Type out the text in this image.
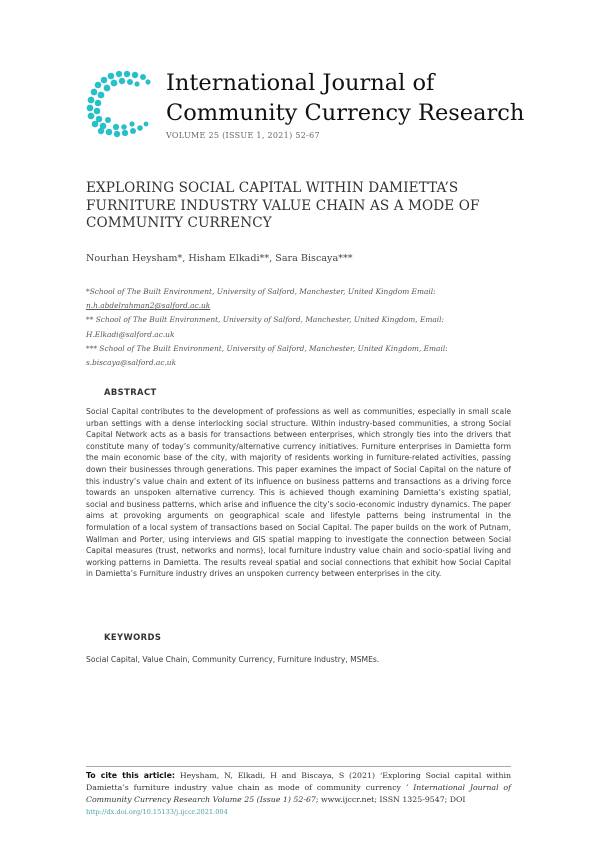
International Journal of Community Currency Research
VOLUME 25 (ISSUE 1, 2021) 52-67
EXPLORING SOCIAL CAPITAL WITHIN DAMIETTA’S FURNITURE INDUSTRY VALUE CHAIN AS A MODE OF COMMUNITY CURRENCY
Nourhan Heysham*, Hisham Elkadi**, Sara Biscaya***
*School of The Built Environment, University of Salford, Manchester, United Kingdom Email:
n.h.abdelrahman2@salford.ac.uk
** School of The Built Environment, University of Salford, Manchester, United Kingdom, Email:
H.Elkadi@salford.ac.uk
*** School of The Built Environment, University of Salford, Manchester, United Kingdom, Email:
s.biscaya@salford.ac.uk
ABSTRACT
Social Capital contributes to the development of professions as well as communities, especially in small scale urban settings with a dense interlocking social structure. Within industry-based communities, a strong Social Capital Network acts as a basis for transactions between enterprises, which strongly ties into the drivers that constitute many of today’s community/alternative currency initiatives. Furniture enterprises in Damietta form the main economic base of the city, with majority of residents working in furniture-related activities, passing down their businesses through generations. This paper examines the impact of Social Capital on the nature of this industry’s value chain and extent of its influence on business patterns and transactions as a driving force towards an unspoken alternative currency. This is achieved though examining Damietta’s existing spatial, social and business patterns, which arise and influence the city’s socio-economic industry dynamics. The paper aims at provoking arguments on geographical scale and lifestyle patterns being instrumental in the formulation of a local system of transactions based on Social Capital. The paper builds on the work of Putnam, Wallman and Porter, using interviews and GIS spatial mapping to investigate the connection between Social Capital measures (trust, networks and norms), local furniture industry value chain and socio-spatial living and working patterns in Damietta. The results reveal spatial and social connections that exhibit how Social Capital in Damietta’s Furniture industry drives an unspoken currency between enterprises in the city.
KEYWORDS
Social Capital, Value Chain, Community Currency, Furniture Industry, MSMEs.
To cite this article: Heysham, N, Elkadi, H and Biscaya, S (2021) ‘Exploring Social capital within Damietta’s furniture industry value chain as mode of community currency ’ International Journal of Community Currency Research Volume 25 (Issue 1) 52-67; www.ijccr.net; ISSN 1325-9547; DOI
http://dx.doi.org/10.15133/j.ijccr.2021.004
